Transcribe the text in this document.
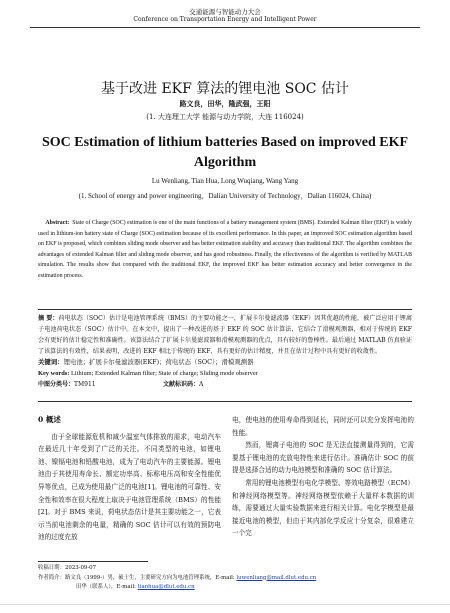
交通能源与智能动力大会
Conference on Transportation Energy and Intelligent Power
基于改进 EKF 算法的锂电池 SOC 估计
路文良，田华，隆武强，王阳
(1. 大连理工大学 能源与动力学院，大连 116024)
SOC Estimation of lithium batteries Based on improved EKF Algorithm
Lu Wenliang, Tian Hua, Long Wuqiang, Wang Yang
(1. School of energy and power engineering，Dalian University of Technology，Dalian 116024, China)
Abstract: State of Charge (SOC) estimation is one of the main functions of a battery management system (BMS). Extended Kalman filter (EKF) is widely used in lithium-ion battery state of Charge (SOC) estimation because of its excellent performance. In this paper, an improved SOC estimation algorithm based on EKF is proposed, which combines sliding mode observer and has better estimation stability and accuracy than traditional EKF. The algorithm combines the advantages of extended Kalman filter and sliding mode observer, and has good robustness. Finally, the effectiveness of the algorithm is verified by MATLAB simulation. The results show that compared with the traditional EKF, the improved EKF has better estimation accuracy and better convergence in the estimation process.
摘 要：荷电状态（SOC）估计是电池管理系统（BMS）的主要功能之一，扩展卡尔曼滤波器（EKF）因其优越的性能，被广泛应用于锂离子电池荷电状态（SOC）估计中。在本文中，提出了一种改进的基于 EKF 的 SOC 估计算法，它结合了滑模观测器，相对于传统的 EKF 会有更好的估计稳定性和准确性。该算法结合了扩展卡尔曼滤波器和滑模观测器的优点，具有较好的鲁棒性。最后通过 MATLAB 仿真验证了该算法的有效性，结果表明，改进的 EKF 相比于传统的 EKF，具有更好的估计精度，并且在估计过程中具有更好的收敛性。
关键词：锂电池；扩展卡尔曼滤波器(EKF)；荷电状态（SOC）；滑模观测器
Key words: Lithium; Extended Kalman filter; State of charge; Sliding mode observer
中图分类号：TM911	文献标识码：A
0 概述

由于全球能源危机和减少温室气体排放的需求，电动汽车在最近几十年受到了广泛的关注。不同类型的电池，如锂电池、镍镉电池和铅酸电池，成为了电动汽车的主要能源。锂电池由于其使用寿命长、额定功率高、标称电压高和安全性能优异等优点，已成为使用最广泛的电池[1]。锂电池的可靠性、安全性和效率在很大程度上取决于电池管理系统（BMS）的性能[2]。对于 BMS 来说，荷电状态估计是其主要功能之一，它表示当前电池剩余的电量，精确的 SOC 估计可以有效的预防电池的过度充放

电，使电池的使用寿命得到延长，同时还可以充分发挥电池的性能。

然而，锂离子电池的 SOC 是无法直接测量得到的，它需要基于锂电池的充放电特性来进行估计。准确估计 SOC 的前提是选择合适的动力电池模型和准确的 SOC 估计算法。

常用的锂电池模型有电化学模型、等效电路模型（ECM）和神经网络模型等。神经网络模型依赖于大量样本数据的训练，需要通过大量实验数据来进行相关计算。电化学模型是最接近电池的模型，但由于其内部化学反应十分复杂，很难建立一个完

收稿日期：2023-09-07
作者简介：路文良（1999-）男，硕士生，主要研究方向为电池管理系统，E-mail: luwenliang@mail.dlut.edu.cn
田华（联系人），E-mail: tianhua@dlut.edu.cn
